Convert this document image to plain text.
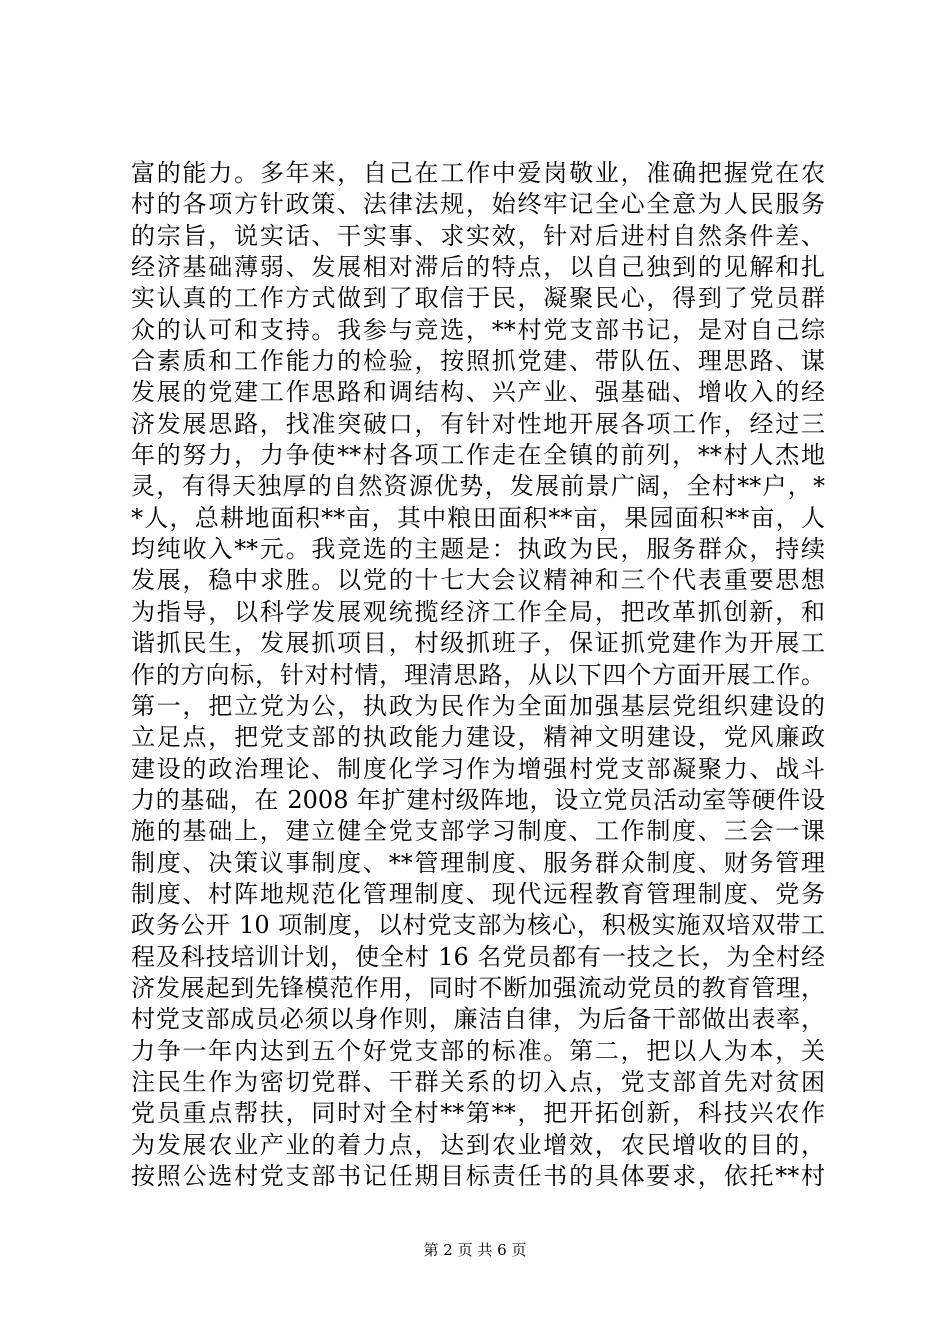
富的能力。多年来，自己在工作中爱岗敬业，准确把握党在农
村的各项方针政策、法律法规，始终牢记全心全意为人民服务
的宗旨，说实话、干实事、求实效，针对后进村自然条件差、
经济基础薄弱、发展相对滞后的特点，以自己独到的见解和扎
实认真的工作方式做到了取信于民，凝聚民心，得到了党员群
众的认可和支持。我参与竞选，**村党支部书记，是对自己综
合素质和工作能力的检验，按照抓党建、带队伍、理思路、谋
发展的党建工作思路和调结构、兴产业、强基础、增收入的经
济发展思路，找准突破口，有针对性地开展各项工作，经过三
年的努力，力争使**村各项工作走在全镇的前列，**村人杰地
灵，有得天独厚的自然资源优势，发展前景广阔，全村**户，*
*人，总耕地面积**亩，其中粮田面积**亩，果园面积**亩，人
均纯收入**元。我竞选的主题是：执政为民，服务群众，持续
发展，稳中求胜。以党的十七大会议精神和三个代表重要思想
为指导，以科学发展观统揽经济工作全局，把改革抓创新，和
谐抓民生，发展抓项目，村级抓班子，保证抓党建作为开展工
作的方向标，针对村情，理清思路，从以下四个方面开展工作。
第一，把立党为公，执政为民作为全面加强基层党组织建设的
立足点，把党支部的执政能力建设，精神文明建设，党风廉政
建设的政治理论、制度化学习作为增强村党支部凝聚力、战斗
力的基础，在 2008 年扩建村级阵地，设立党员活动室等硬件设
施的基础上，建立健全党支部学习制度、工作制度、三会一课
制度、决策议事制度、**管理制度、服务群众制度、财务管理
制度、村阵地规范化管理制度、现代远程教育管理制度、党务
政务公开 10 项制度，以村党支部为核心，积极实施双培双带工
程及科技培训计划，使全村 16 名党员都有一技之长，为全村经
济发展起到先锋模范作用，同时不断加强流动党员的教育管理，
村党支部成员必须以身作则，廉洁自律，为后备干部做出表率，
力争一年内达到五个好党支部的标准。第二，把以人为本，关
注民生作为密切党群、干群关系的切入点，党支部首先对贫困
党员重点帮扶，同时对全村**第**，把开拓创新，科技兴农作
为发展农业产业的着力点，达到农业增效，农民增收的目的，
按照公选村党支部书记任期目标责任书的具体要求，依托**村
第 2 页 共 6 页
